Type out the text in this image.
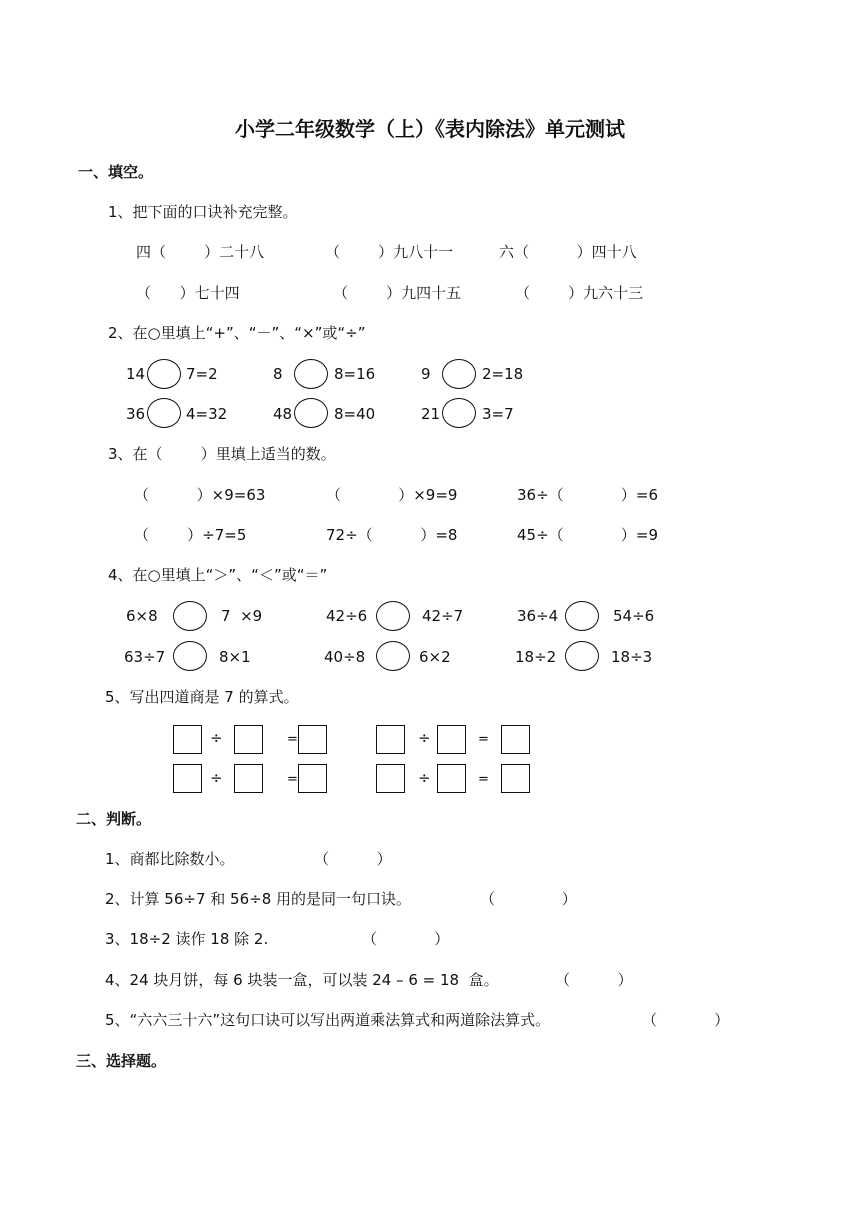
小学二年级数学（上）《表内除法》单元测试
一、填空。
1、把下面的口诀补充完整。
四（        ）二十八	（        ）九八十一	六（          ）四十八
（      ）七十四	（        ）九四十五	（        ）九六十三
2、在○里填上“+”、“－”、“×”或“÷”
14	7=2	8	8=16	9	2=18
36	4=32	48	8=40	21	3=7
3、在（        ）里填上适当的数。
（          ）×9=63	（            ）×9=9	36÷（            ）=6
（        ）÷7=5	72÷（          ）=8	45÷（            ）=9
4、在○里填上“＞”、“＜”或“＝”
6×8	7  ×9	42÷6	42÷7	36÷4	54÷6
63÷7	8×1	40÷8	6×2	18÷2	18÷3
5、写出四道商是 7 的算式。
÷	=	÷	=
÷	=	÷	=
二、判断。
1、商都比除数小。	（          ）
2、计算 56÷7 和 56÷8 用的是同一句口诀。	（              ）
3、18÷2 读作 18 除 2.	（            ）
4、24 块月饼，每 6 块装一盒，可以装 24 – 6 = 18  盒。	（          ）
5、“六六三十六”这句口诀可以写出两道乘法算式和两道除法算式。	（            ）
三、选择题。
